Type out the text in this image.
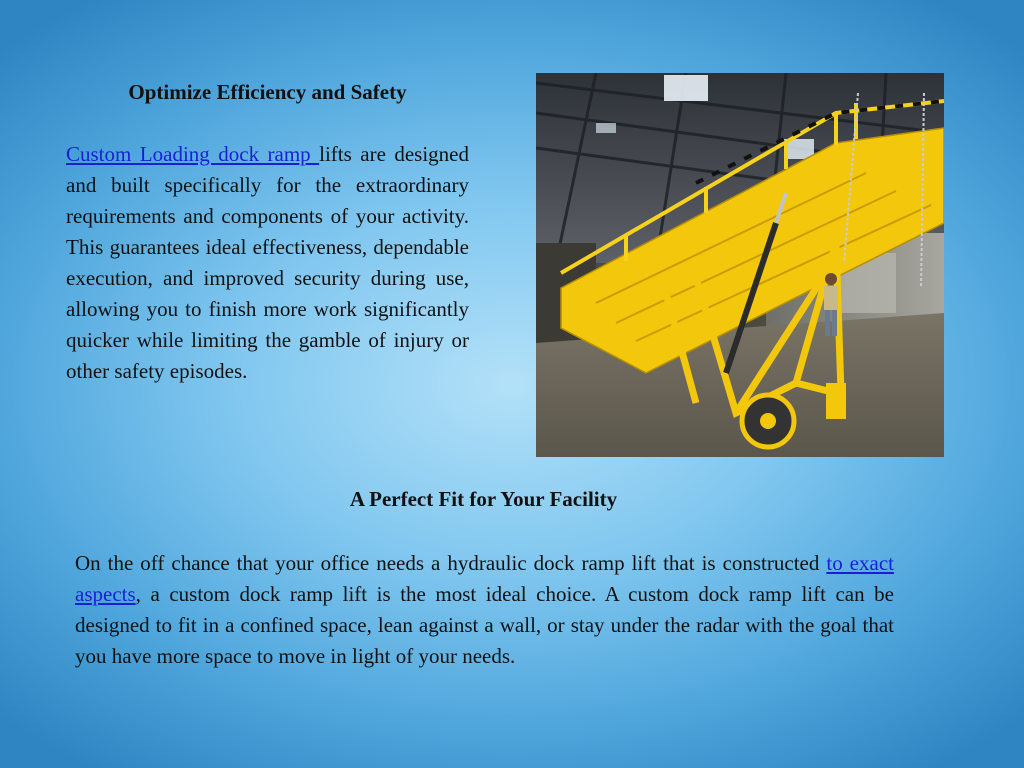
Optimize Efficiency and Safety

Custom Loading dock ramp lifts are designed and built specifically for the extraordinary requirements and components of your activity. This guarantees ideal effectiveness, dependable execution, and improved security during use, allowing you to finish more work significantly quicker while limiting the gamble of injury or other safety episodes.

A Perfect Fit for Your Facility

On the off chance that your office needs a hydraulic dock ramp lift that is constructed to exact aspects, a custom dock ramp lift is the most ideal choice. A custom dock ramp lift can be designed to fit in a confined space, lean against a wall, or stay under the radar with the goal that you have more space to move in light of your needs.
